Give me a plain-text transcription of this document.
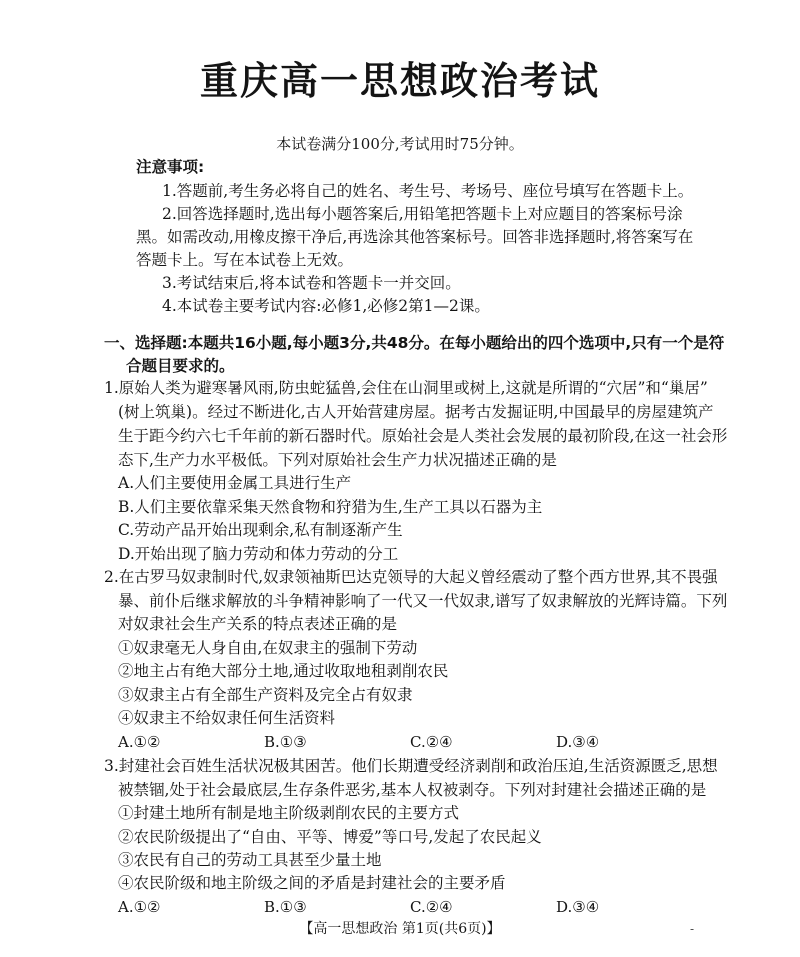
重庆高一思想政治考试
本试卷满分100分,考试用时75分钟。
注意事项:
1.答题前,考生务必将自己的姓名、考生号、考场号、座位号填写在答题卡上。
2.回答选择题时,选出每小题答案后,用铅笔把答题卡上对应题目的答案标号涂
黑。如需改动,用橡皮擦干净后,再选涂其他答案标号。回答非选择题时,将答案写在
答题卡上。写在本试卷上无效。
3.考试结束后,将本试卷和答题卡一并交回。
4.本试卷主要考试内容:必修1,必修2第1—2课。
一、选择题:本题共16小题,每小题3分,共48分。在每小题给出的四个选项中,只有一个是符
合题目要求的。
1.原始人类为避寒暑风雨,防虫蛇猛兽,会住在山洞里或树上,这就是所谓的“穴居”和“巢居”
(树上筑巢)。经过不断进化,古人开始营建房屋。据考古发掘证明,中国最早的房屋建筑产
生于距今约六七千年前的新石器时代。原始社会是人类社会发展的最初阶段,在这一社会形
态下,生产力水平极低。下列对原始社会生产力状况描述正确的是
A.人们主要使用金属工具进行生产
B.人们主要依靠采集天然食物和狩猎为生,生产工具以石器为主
C.劳动产品开始出现剩余,私有制逐渐产生
D.开始出现了脑力劳动和体力劳动的分工
2.在古罗马奴隶制时代,奴隶领袖斯巴达克领导的大起义曾经震动了整个西方世界,其不畏强
暴、前仆后继求解放的斗争精神影响了一代又一代奴隶,谱写了奴隶解放的光辉诗篇。下列
对奴隶社会生产关系的特点表述正确的是
①奴隶毫无人身自由,在奴隶主的强制下劳动
②地主占有绝大部分土地,通过收取地租剥削农民
③奴隶主占有全部生产资料及完全占有奴隶
④奴隶主不给奴隶任何生活资料
A.①②	B.①③	C.②④	D.③④
3.封建社会百姓生活状况极其困苦。他们长期遭受经济剥削和政治压迫,生活资源匮乏,思想
被禁锢,处于社会最底层,生存条件恶劣,基本人权被剥夺。下列对封建社会描述正确的是
①封建土地所有制是地主阶级剥削农民的主要方式
②农民阶级提出了“自由、平等、博爱”等口号,发起了农民起义
③农民有自己的劳动工具甚至少量土地
④农民阶级和地主阶级之间的矛盾是封建社会的主要矛盾
A.①②	B.①③	C.②④	D.③④
【高一思想政治 第1页(共6页)】	-
